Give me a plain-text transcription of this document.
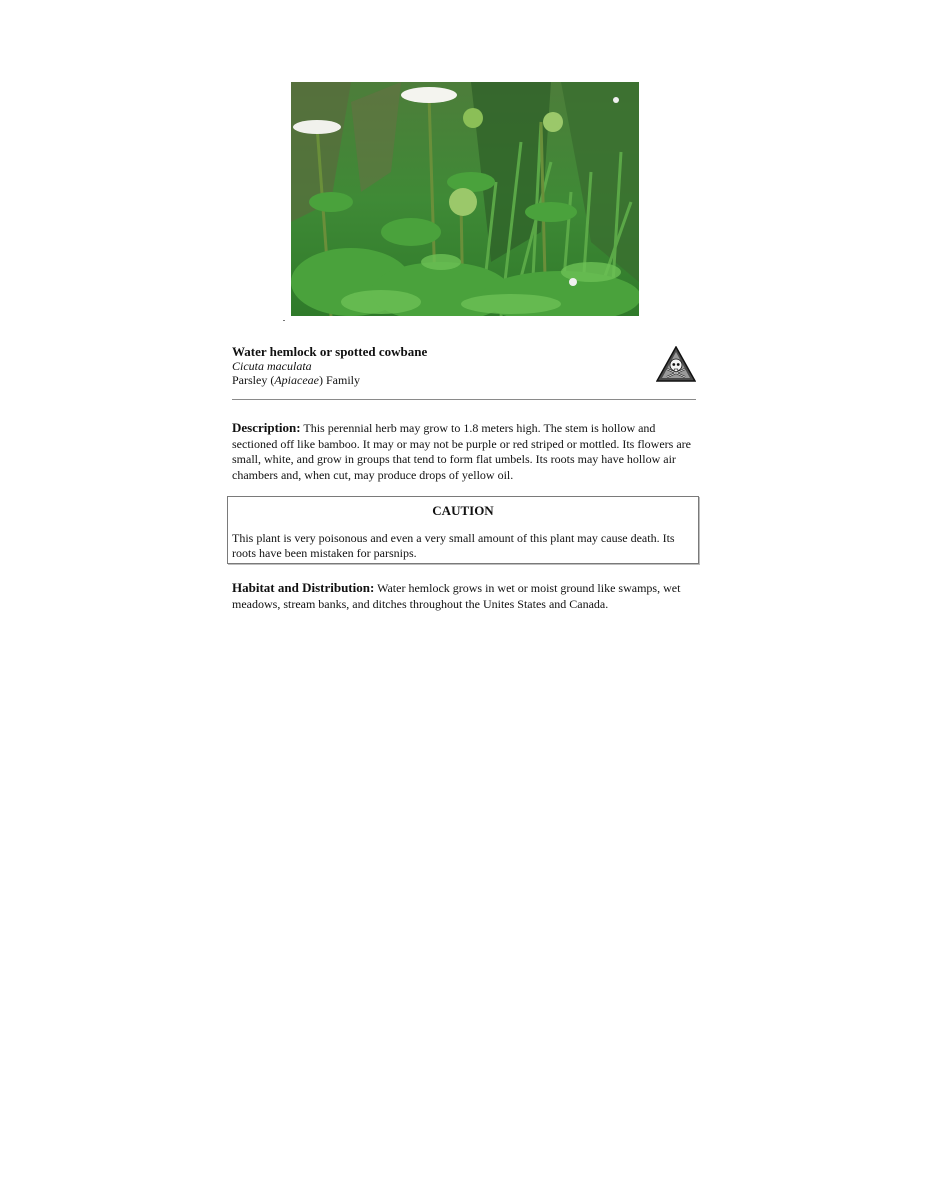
Water hemlock or spotted cowbane
Cicuta maculata
Parsley (Apiaceae) Family
Description: This perennial herb may grow to 1.8 meters high. The stem is hollow and sectioned off like bamboo. It may or may not be purple or red striped or mottled. Its flowers are small, white, and grow in groups that tend to form flat umbels. Its roots may have hollow air chambers and, when cut, may produce drops of yellow oil.
CAUTION
This plant is very poisonous and even a very small amount of this plant may cause death. Its roots have been mistaken for parsnips.
Habitat and Distribution: Water hemlock grows in wet or moist ground like swamps, wet meadows, stream banks, and ditches throughout the Unites States and Canada.
